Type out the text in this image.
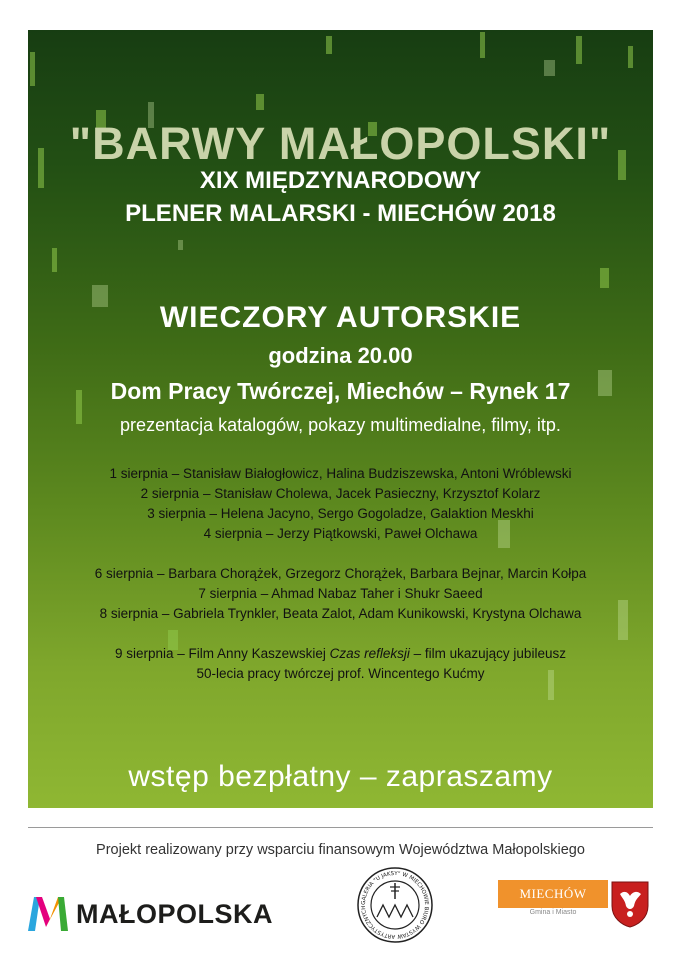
"BARWY MAŁOPOLSKI"
XIX MIĘDZYNARODOWY
PLENER MALARSKI - MIECHÓW 2018
WIECZORY AUTORSKIE
godzina 20.00
Dom Pracy Twórczej, Miechów – Rynek 17
prezentacja katalogów, pokazy multimedialne, filmy, itp.
1 sierpnia – Stanisław Białogłowicz, Halina Budziszewska, Antoni Wróblewski
2 sierpnia – Stanisław Cholewa, Jacek Pasieczny, Krzysztof Kolarz
3 sierpnia – Helena Jacyno, Sergo Gogoladze, Galaktion Meskhi
4 sierpnia – Jerzy Piątkowski, Paweł Olchawa
6 sierpnia – Barbara Chorążek, Grzegorz Chorążek, Barbara Bejnar, Marcin Kołpa
7 sierpnia – Ahmad Nabaz Taher i Shukr Saeed
8 sierpnia – Gabriela Trynkler, Beata Zalot, Adam Kunikowski, Krystyna Olchawa
9 sierpnia – Film Anny Kaszewskiej Czas refleksji – film ukazujący jubileusz
50-lecia pracy twórczej prof. Wincentego Kućmy
wstęp bezpłatny – zapraszamy
Projekt realizowany przy wsparciu finansowym Województwa Małopolskiego
MAŁOPOLSKA	GALERIA "U JAKSY" W MIECHOWIE BIURO WYSTAW ARTYSTYCZNYCH
MIECHÓW
Gmina i Miasto
